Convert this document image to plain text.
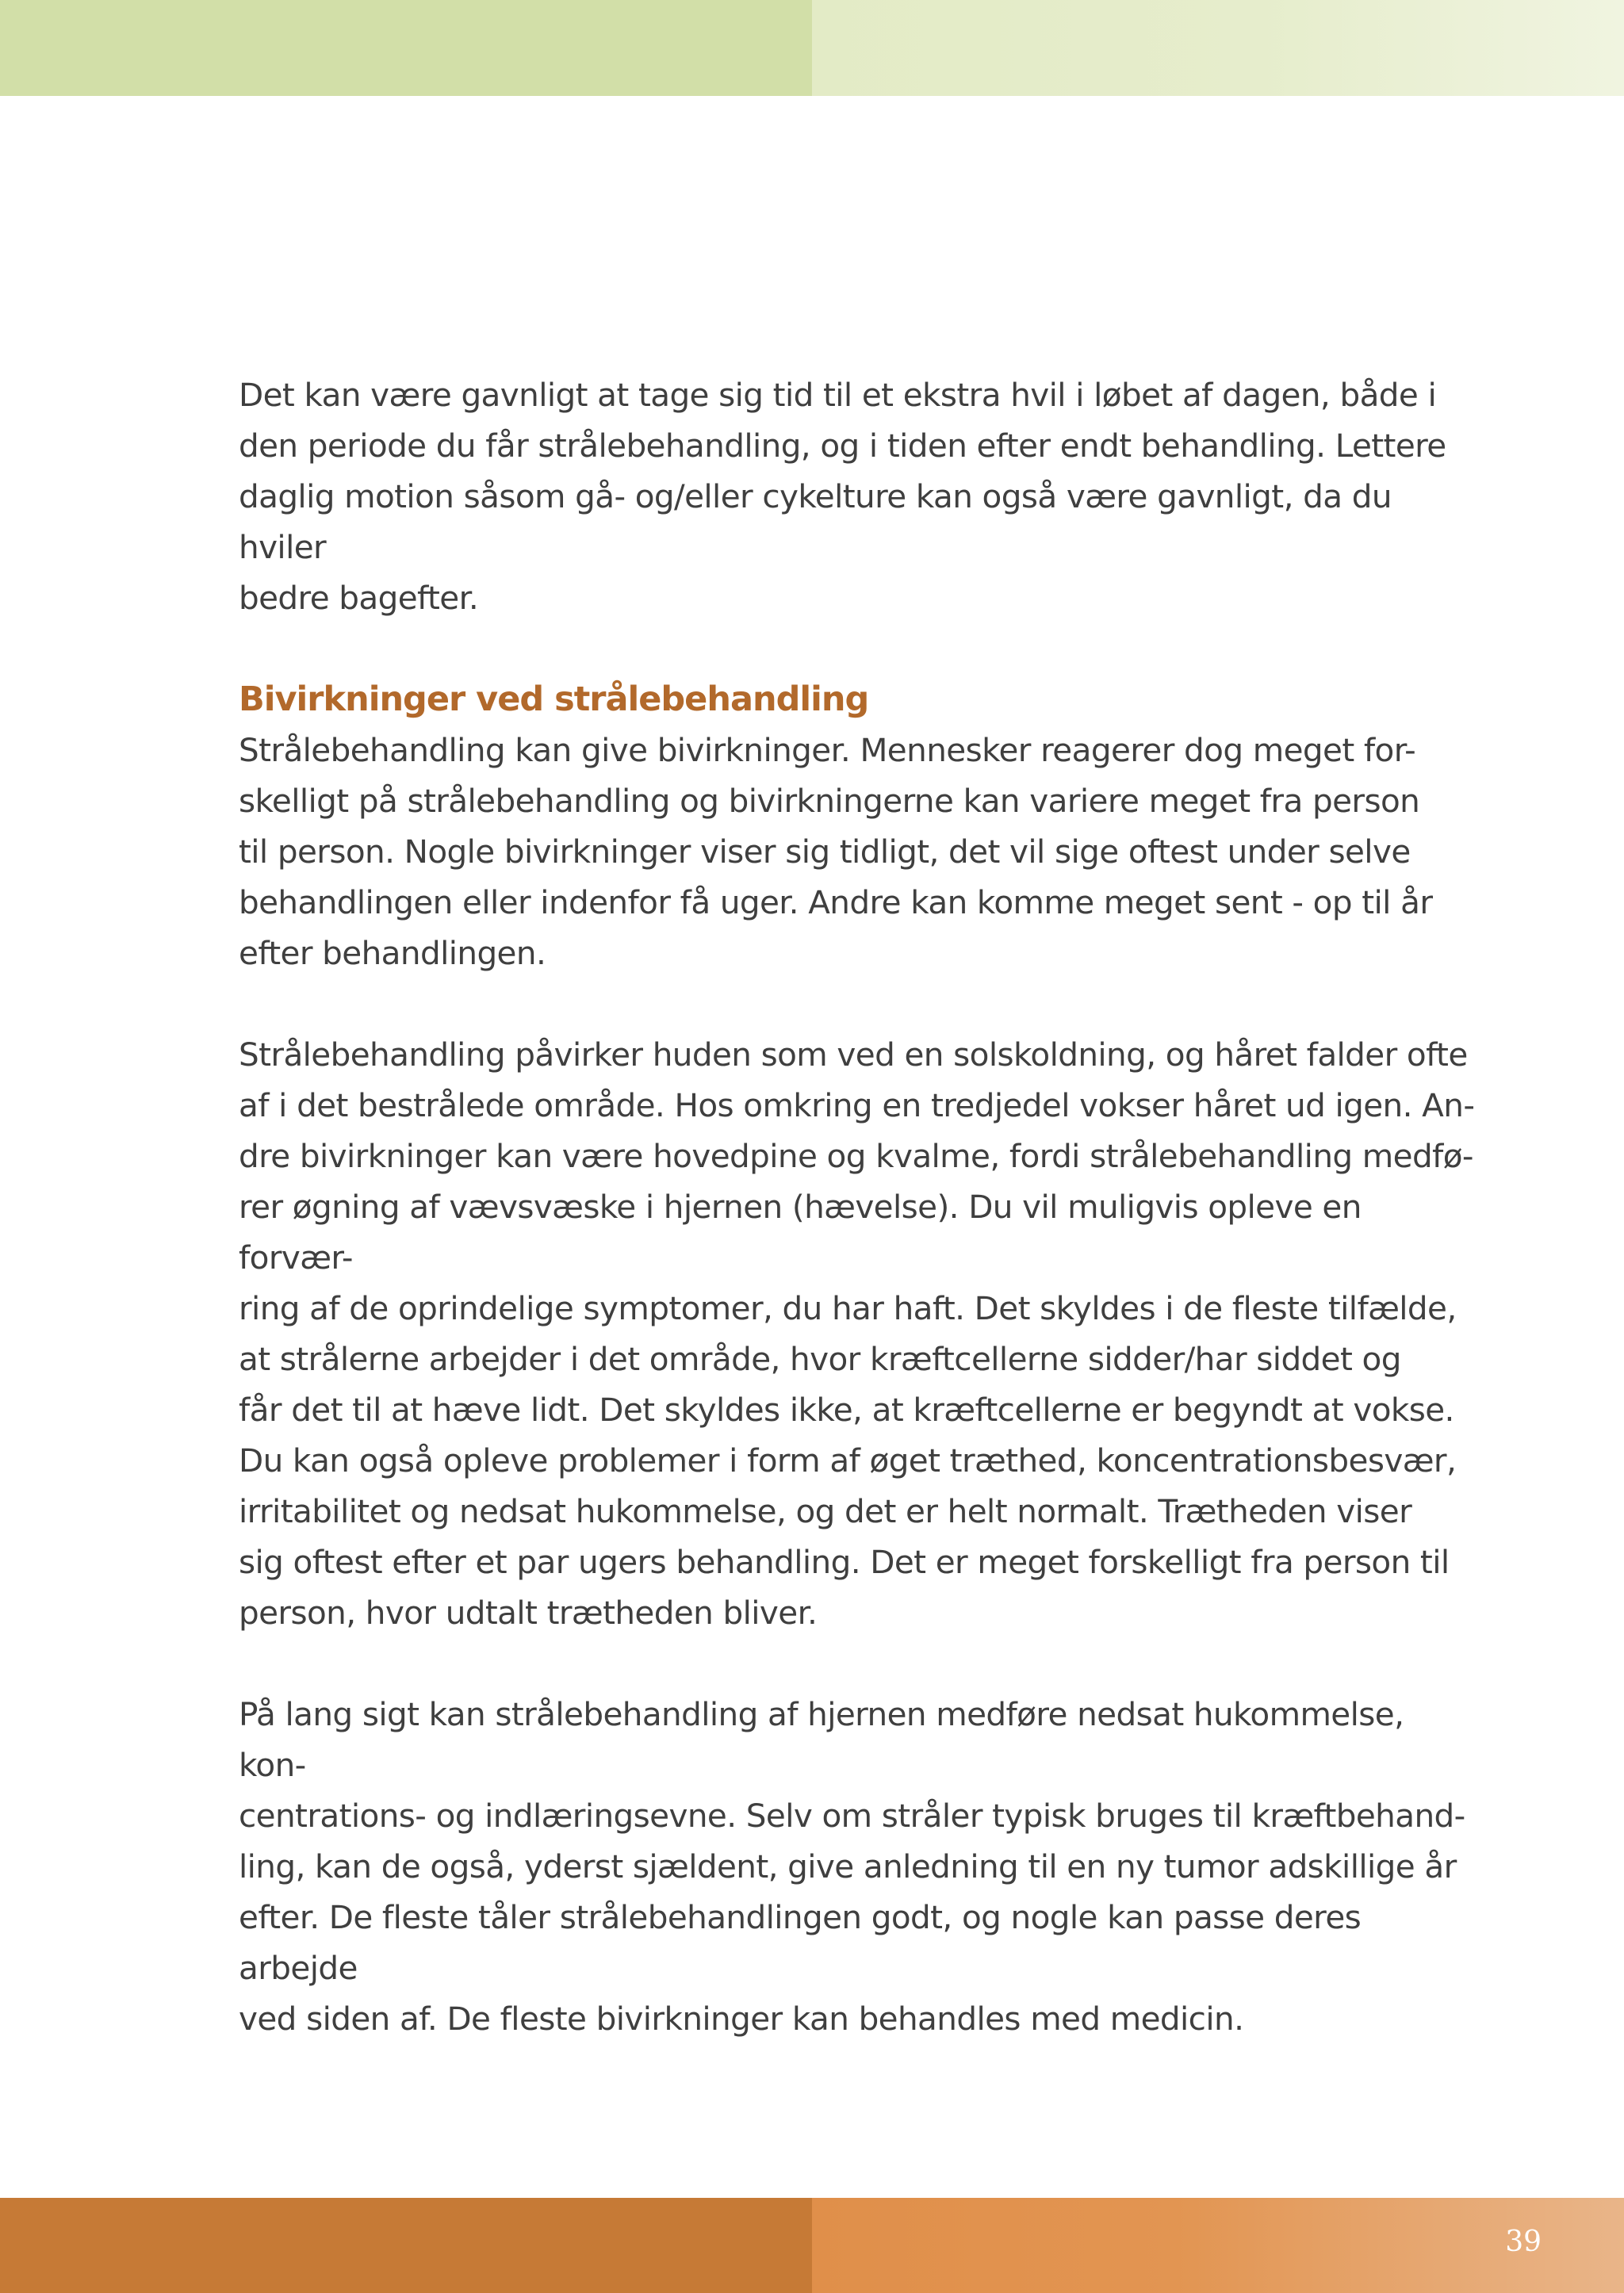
Det kan være gavnligt at tage sig tid til et ekstra hvil i løbet af dagen, både i
den periode du får strålebehandling, og i tiden efter endt behandling. Lettere
daglig motion såsom gå- og/eller cykelture kan også være gavnligt, da du hviler
bedre bagefter.

Bivirkninger ved strålebehandling

Strålebehandling kan give bivirkninger. Mennesker reagerer dog meget for-
skelligt på strålebehandling og bivirkningerne kan variere meget fra person
til person. Nogle bivirkninger viser sig tidligt, det vil sige oftest under selve
behandlingen eller indenfor få uger. Andre kan komme meget sent - op til år
efter behandlingen.

Strålebehandling påvirker huden som ved en solskoldning, og håret falder ofte
af i det bestrålede område. Hos omkring en tredjedel vokser håret ud igen. An-
dre bivirkninger kan være hovedpine og kvalme, fordi strålebehandling medfø-
rer øgning af vævsvæske i hjernen (hævelse). Du vil muligvis opleve en forvær-
ring af de oprindelige symptomer, du har haft. Det skyldes i de fleste tilfælde,
at strålerne arbejder i det område, hvor kræftcellerne sidder/har siddet og
får det til at hæve lidt. Det skyldes ikke, at kræftcellerne er begyndt at vokse.
Du kan også opleve problemer i form af øget træthed, koncentrationsbesvær,
irritabilitet og nedsat hukommelse, og det er helt normalt. Trætheden viser
sig oftest efter et par ugers behandling. Det er meget forskelligt fra person til
person, hvor udtalt trætheden bliver.

På lang sigt kan strålebehandling af hjernen medføre nedsat hukommelse, kon-
centrations- og indlæringsevne. Selv om stråler typisk bruges til kræftbehand-
ling, kan de også, yderst sjældent, give anledning til en ny tumor adskillige år
efter. De fleste tåler strålebehandlingen godt, og nogle kan passe deres arbejde
ved siden af. De fleste bivirkninger kan behandles med medicin.

39
